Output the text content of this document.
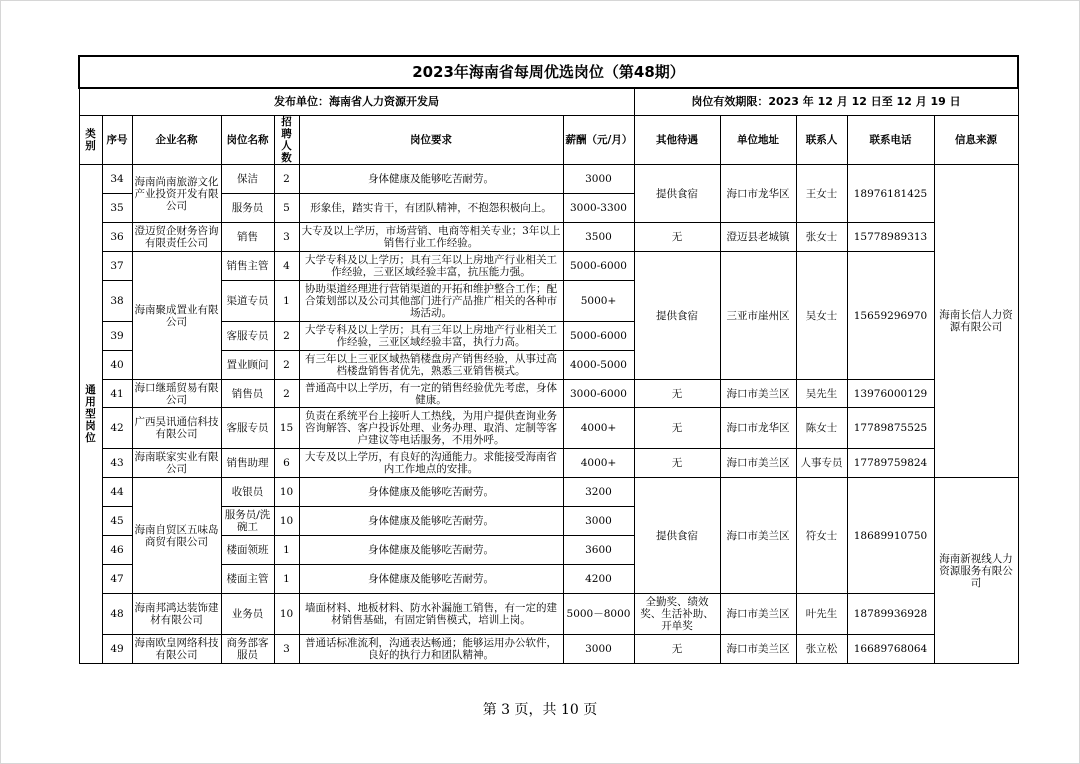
2023年海南省每周优选岗位（第48期）											
发布单位：海南省人力资源开发局							岗位有效期限：2023 年 12 月 12 日至 12 月 19 日				
类别	序号	企业名称	岗位名称	招聘人数	岗位要求	薪酬（元/月）	其他待遇	单位地址	联系人	联系电话	信息来源

通用型岗位	34	海南尚南旅游文化产业投资开发有限公司	保洁	2	身体健康及能够吃苦耐劳。	3000	提供食宿	海口市龙华区	王女士	18976181425	海南长信人力资源有限公司
	35		服务员	5	形象佳，踏实肯干，有团队精神，不抱怨积极向上。	3000-3300					
	36	澄迈贸企财务咨询有限责任公司	销售	3	大专及以上学历，市场营销、电商等相关专业；3年以上销售行业工作经验。	3500	无	澄迈县老城镇	张女士	15778989313	
	37	海南聚成置业有限公司	销售主管	4	大学专科及以上学历；具有三年以上房地产行业相关工作经验，三亚区域经验丰富，抗压能力强。	5000-6000	提供食宿	三亚市崖州区	吴女士	15659296970	
	38		渠道专员	1	协助渠道经理进行营销渠道的开拓和维护整合工作；配合策划部以及公司其他部门进行产品推广相关的各种市场活动。	5000+					
	39		客服专员	2	大学专科及以上学历；具有三年以上房地产行业相关工作经验，三亚区域经验丰富，执行力高。	5000-6000					
	40		置业顾问	2	有三年以上三亚区域热销楼盘房产销售经验，从事过高档楼盘销售者优先，熟悉三亚销售模式。	4000-5000					
	41	海口继瑶贸易有限公司	销售员	2	普通高中以上学历，有一定的销售经验优先考虑，身体健康。	3000-6000	无	海口市美兰区	吴先生	13976000129	
	42	广西昊讯通信科技有限公司	客服专员	15	负责在系统平台上接听人工热线，为用户提供查询业务咨询解答、客户投诉处理、业务办理、取消、定制等客户建议等电话服务，不用外呼。	4000+	无	海口市龙华区	陈女士	17789875525	
	43	海南联家实业有限公司	销售助理	6	大专及以上学历，有良好的沟通能力。求能接受海南省内工作地点的安排。	4000+	无	海口市美兰区	人事专员	17789759824	
	44	海南自贸区五味岛商贸有限公司	收银员	10	身体健康及能够吃苦耐劳。	3200	提供食宿	海口市美兰区	符女士	18689910750	海南新视线人力资源服务有限公司
	45		服务员/洗碗工	10	身体健康及能够吃苦耐劳。	3000					
	46		楼面领班	1	身体健康及能够吃苦耐劳。	3600					
	47		楼面主管	1	身体健康及能够吃苦耐劳。	4200					
	48	海南邦鸿达装饰建材有限公司	业务员	10	墙面材料、地板材料、防水补漏施工销售，有一定的建材销售基础，有固定销售模式，培训上岗。	5000－8000	全勤奖、绩效奖、生活补助、开单奖	海口市美兰区	叶先生	18789936928	
	49	海南欧皇网络科技有限公司	商务部客服员	3	普通话标准流利，沟通表达畅通；能够运用办公软件，良好的执行力和团队精神。	3000	无	海口市美兰区	张立松	16689768064	
第 3 页，共 10 页
